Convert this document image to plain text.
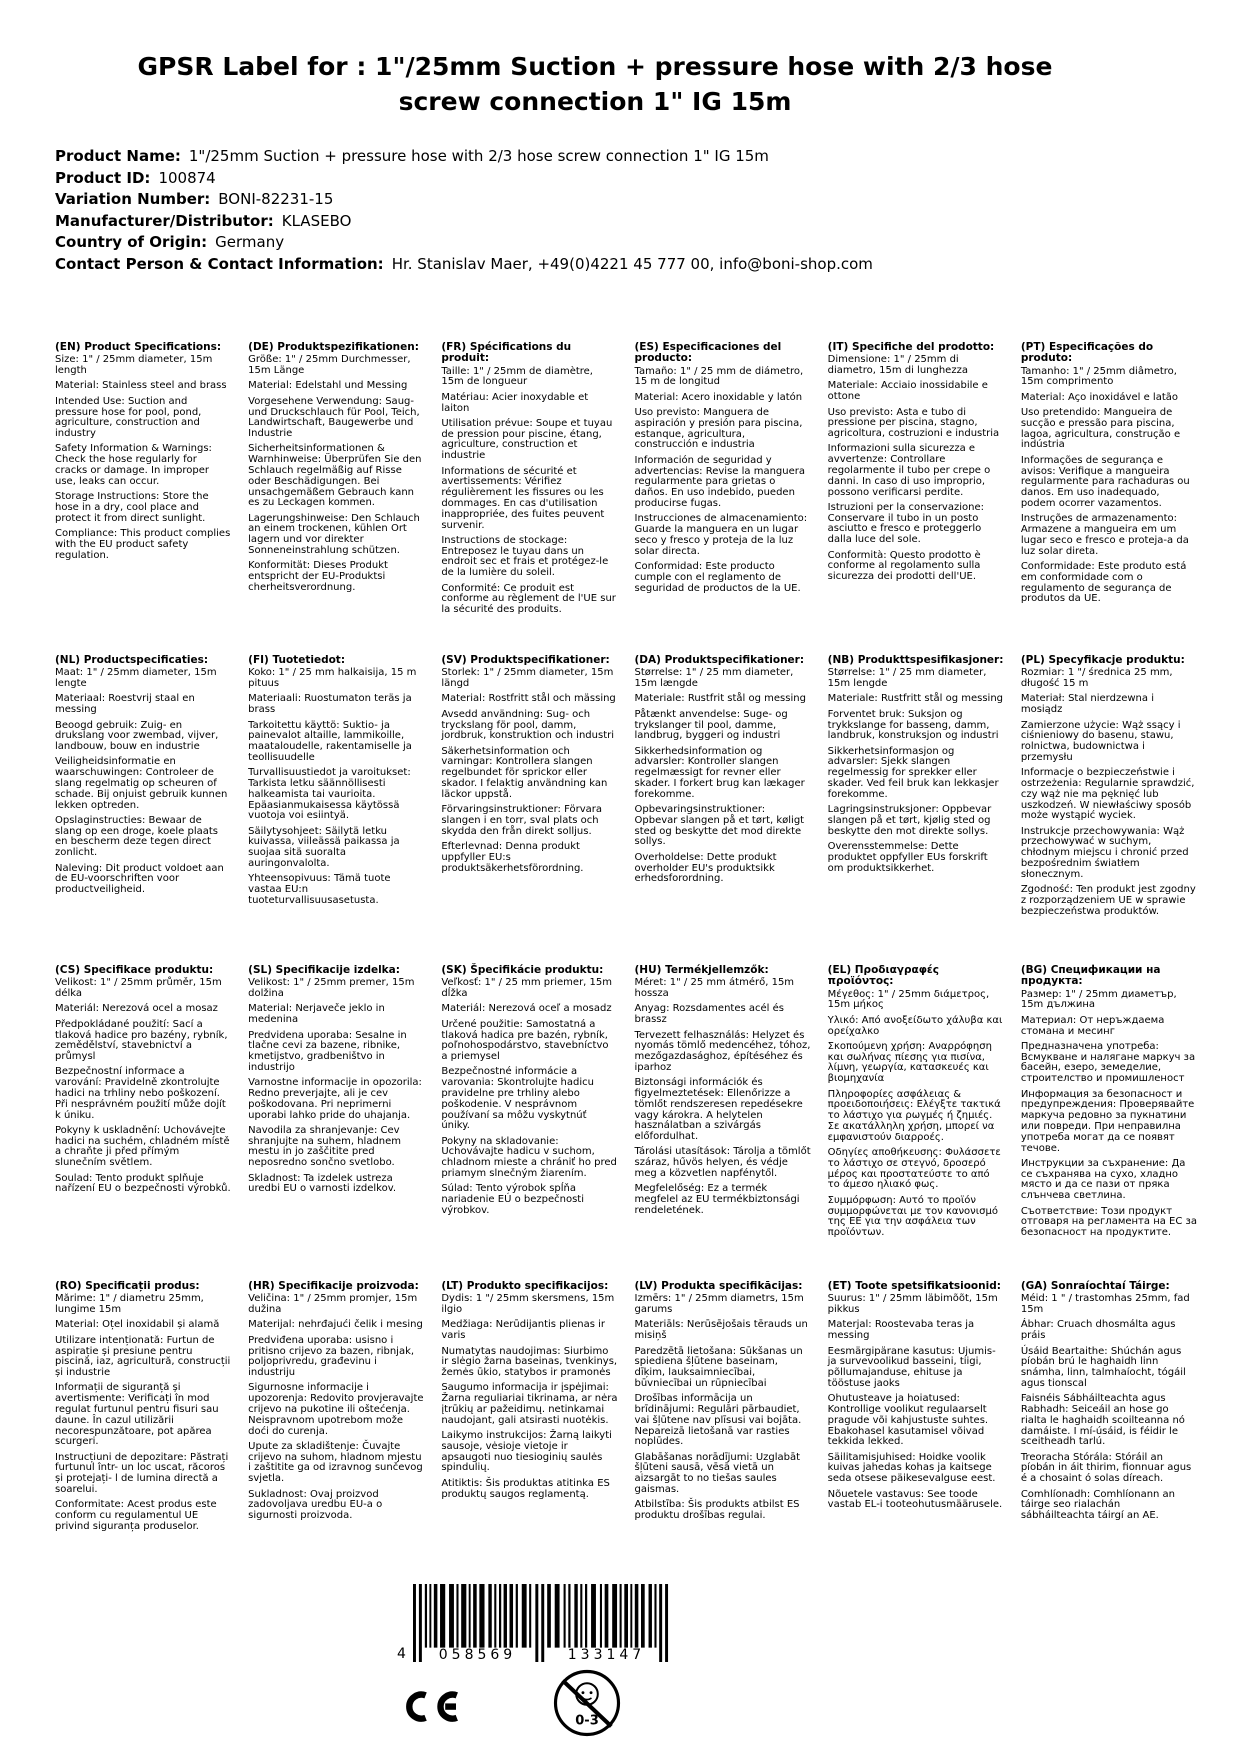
GPSR Label for : 1"/25mm Suction + pressure hose with 2/3 hose
screw connection 1" IG 15m
Product Name: 1"/25mm Suction + pressure hose with 2/3 hose screw connection 1" IG 15m
Product ID: 100874
Variation Number: BONI-82231-15
Manufacturer/Distributor: KLASEBO
Country of Origin: Germany
Contact Person & Contact Information: Hr. Stanislav Maer, +49(0)4221 45 777 00, info@boni-shop.com
(EN) Product Specifications:

Size: 1" / 25mm diameter, 15m length

Material: Stainless steel and brass

Intended Use: Suction and pressure hose for pool, pond, agriculture, construction and industry

Safety Information & Warnings: Check the hose regularly for cracks or damage. In improper use, leaks can occur.

Storage Instructions: Store the hose in a dry, cool place and protect it from direct sunlight.

Compliance: This product complies with the EU product safety regulation.

(DE) Produktspezifikationen:

Größe: 1" / 25mm Durchmesser, 15m Länge

Material: Edelstahl und Messing

Vorgesehene Verwendung: Saug- und Druckschlauch für Pool, Teich, Landwirtschaft, Baugewerbe und Industrie

Sicherheitsinformationen & Warnhinweise: Überprüfen Sie den Schlauch regelmäßig auf Risse oder Beschädigungen. Bei unsachgemäßem Gebrauch kann es zu Leckagen kommen.

Lagerungshinweise: Den Schlauch an einem trockenen, kühlen Ort lagern und vor direkter Sonneneinstrahlung schützen.

Konformität: Dieses Produkt entspricht der EU-Produktsi cherheitsverordnung.

(FR) Spécifications du produit:

Taille: 1" / 25mm de diamètre, 15m de longueur

Matériau: Acier inoxydable et laiton

Utilisation prévue: Soupe et tuyau de pression pour piscine, étang, agriculture, construction et industrie

Informations de sécurité et avertissements: Vérifiez régulièrement les fissures ou les dommages. En cas d'utilisation inappropriée, des fuites peuvent survenir.

Instructions de stockage: Entreposez le tuyau dans un endroit sec et frais et protégez-le de la lumière du soleil.

Conformité: Ce produit est conforme au règlement de l'UE sur la sécurité des produits.

(ES) Especificaciones del producto:

Tamaño: 1" / 25 mm de diámetro, 15 m de longitud

Material: Acero inoxidable y latón

Uso previsto: Manguera de aspiración y presión para piscina, estanque, agricultura, construcción e industria

Información de seguridad y advertencias: Revise la manguera regularmente para grietas o daños. En uso indebido, pueden producirse fugas.

Instrucciones de almacenamiento: Guarde la manguera en un lugar seco y fresco y proteja de la luz solar directa.

Conformidad: Este producto cumple con el reglamento de seguridad de productos de la UE.

(IT) Specifiche del prodotto:

Dimensione: 1" / 25mm di diametro, 15m di lunghezza

Materiale: Acciaio inossidabile e ottone

Uso previsto: Asta e tubo di pressione per piscina, stagno, agricoltura, costruzioni e industria

Informazioni sulla sicurezza e avvertenze: Controllare regolarmente il tubo per crepe o danni. In caso di uso improprio, possono verificarsi perdite.

Istruzioni per la conservazione: Conservare il tubo in un posto asciutto e fresco e proteggerlo dalla luce del sole.

Conformità: Questo prodotto è conforme al regolamento sulla sicurezza dei prodotti dell'UE.

(PT) Especificações do produto:

Tamanho: 1" / 25mm diâmetro, 15m comprimento

Material: Aço inoxidável e latão

Uso pretendido: Mangueira de sucção e pressão para piscina, lagoa, agricultura, construção e indústria

Informações de segurança e avisos: Verifique a mangueira regularmente para rachaduras ou danos. Em uso inadequado, podem ocorrer vazamentos.

Instruções de armazenamento: Armazene a mangueira em um lugar seco e fresco e proteja-a da luz solar direta.

Conformidade: Este produto está em conformidade com o regulamento de segurança de produtos da UE.

(NL) Productspecificaties:

Maat: 1" / 25mm diameter, 15m lengte

Materiaal: Roestvrij staal en messing

Beoogd gebruik: Zuig- en drukslang voor zwembad, vijver, landbouw, bouw en industrie

Veiligheidsinformatie en waarschuwingen: Controleer de slang regelmatig op scheuren of schade. Bij onjuist gebruik kunnen lekken optreden.

Opslaginstructies: Bewaar de slang op een droge, koele plaats en bescherm deze tegen direct zonlicht.

Naleving: Dit product voldoet aan de EU-voorschriften voor productveiligheid.

(FI) Tuotetiedot:

Koko: 1" / 25 mm halkaisija, 15 m pituus

Materiaali: Ruostumaton teräs ja brass

Tarkoitettu käyttö: Suktio- ja painevalot altaille, lammikoille, maataloudelle, rakentamiselle ja teollisuudelle

Turvallisuustiedot ja varoitukset: Tarkista letku säännöllisesti halkeamista tai vaurioita. Epäasianmukaisessa käytössä vuotoja voi esiintyä.

Säilytysohjeet: Säilytä letku kuivassa, viileässä paikassa ja suojaa sitä suoralta auringonvalolta.

Yhteensopivuus: Tämä tuote vastaa EU:n tuoteturvallisuusasetusta.

(SV) Produktspecifikationer:

Storlek: 1" / 25mm diameter, 15m längd

Material: Rostfritt stål och mässing

Avsedd användning: Sug- och tryckslang för pool, damm, jordbruk, konstruktion och industri

Säkerhetsinformation och varningar: Kontrollera slangen regelbundet för sprickor eller skador. I felaktig användning kan läckor uppstå.

Förvaringsinstruktioner: Förvara slangen i en torr, sval plats och skydda den från direkt solljus.

Efterlevnad: Denna produkt uppfyller EU:s produktsäkerhetsförordning.

(DA) Produktspecifikationer:

Størrelse: 1" / 25 mm diameter, 15m længde

Materiale: Rustfrit stål og messing

Påtænkt anvendelse: Suge- og trykslanger til pool, damme, landbrug, byggeri og industri

Sikkerhedsinformation og advarsler: Kontroller slangen regelmæssigt for revner eller skader. I forkert brug kan lækager forekomme.

Opbevaringsinstruktioner: Opbevar slangen på et tørt, køligt sted og beskytte det mod direkte sollys.

Overholdelse: Dette produkt overholder EU's produktsikk erhedsforordning.

(NB) Produkttspesifikasjoner:

Størrelse: 1" / 25 mm diameter, 15m lengde

Materiale: Rustfritt stål og messing

Forventet bruk: Suksjon og trykkslange for basseng, damm, landbruk, konstruksjon og industri

Sikkerhetsinformasjon og advarsler: Sjekk slangen regelmessig for sprekker eller skader. Ved feil bruk kan lekkasjer forekomme.

Lagringsinstruksjoner: Oppbevar slangen på et tørt, kjølig sted og beskytte den mot direkte sollys.

Overensstemmelse: Dette produktet oppfyller EUs forskrift om produktsikkerhet.

(PL) Specyfikacje produktu:

Rozmiar: 1 "/ średnica 25 mm, długość 15 m

Materiał: Stal nierdzewna i mosiądz

Zamierzone użycie: Wąż ssący i ciśnieniowy do basenu, stawu, rolnictwa, budownictwa i przemysłu

Informacje o bezpieczeństwie i ostrzeżenia: Regularnie sprawdzić, czy wąż nie ma pęknięć lub uszkodzeń. W niewłaściwy sposób może wystąpić wyciek.

Instrukcje przechowywania: Wąż przechowywać w suchym, chłodnym miejscu i chronić przed bezpośrednim światłem słonecznym.

Zgodność: Ten produkt jest zgodny z rozporządzeniem UE w sprawie bezpieczeństwa produktów.

(CS) Specifikace produktu:

Velikost: 1" / 25mm průměr, 15m délka

Materiál: Nerezová ocel a mosaz

Předpokládané použití: Sací a tlaková hadice pro bazény, rybník, zemědělství, stavebnictví a průmysl

Bezpečnostní informace a varování: Pravidelně zkontrolujte hadici na trhliny nebo poškození. Při nesprávném použití může dojít k úniku.

Pokyny k uskladnění: Uchovávejte hadici na suchém, chladném místě a chraňte ji před přímým slunečním světlem.

Soulad: Tento produkt splňuje nařízení EU o bezpečnosti výrobků.

(SL) Specifikacije izdelka:

Velikost: 1" / 25mm premer, 15m dolžina

Material: Nerjaveče jeklo in medenina

Predvidena uporaba: Sesalne in tlačne cevi za bazene, ribnike, kmetijstvo, gradbeništvo in industrijo

Varnostne informacije in opozorila: Redno preverjajte, ali je cev poškodovana. Pri neprimerni uporabi lahko pride do uhajanja.

Navodila za shranjevanje: Cev shranjujte na suhem, hladnem mestu in jo zaščitite pred neposredno sončno svetlobo.

Skladnost: Ta izdelek ustreza uredbi EU o varnosti izdelkov.

(SK) Špecifikácie produktu:

Veľkosť: 1" / 25 mm priemer, 15m dĺžka

Materiál: Nerezová oceľ a mosadz

Určené použitie: Samostatná a tlaková hadica pre bazén, rybník, poľnohospodárstvo, stavebníctvo a priemysel

Bezpečnostné informácie a varovania: Skontrolujte hadicu pravidelne pre trhliny alebo poškodenie. V nesprávnom používaní sa môžu vyskytnúť úniky.

Pokyny na skladovanie: Uchovávajte hadicu v suchom, chladnom mieste a chrániť ho pred priamym slnečným žiarením.

Súlad: Tento výrobok spĺňa nariadenie EÚ o bezpečnosti výrobkov.

(HU) Termékjellemzők:

Méret: 1" / 25 mm átmérő, 15m hossza

Anyag: Rozsdamentes acél és brassz

Tervezett felhasználás: Helyzet és nyomás tömlő medencéhez, tóhoz, mezőgazdasághoz, építéséhez és iparhoz

Biztonsági információk és figyelmeztetések: Ellenőrizze a tömlőt rendszeresen repedésekre vagy károkra. A helytelen használatban a szivárgás előfordulhat.

Tárolási utasítások: Tárolja a tömlőt száraz, hűvös helyen, és védje meg a közvetlen napfénytől.

Megfelelőség: Ez a termék megfelel az EU termékbiztonsági rendeletének.

(EL) Προδιαγραφές προϊόντος:

Μέγεθος: 1" / 25mm διάμετρος, 15m μήκος

Υλικό: Από ανοξείδωτο χάλυβα και ορείχαλκο

Σκοπούμενη χρήση: Αναρρόφηση και σωλήνας πίεσης για πισίνα, λίμνη, γεωργία, κατασκευές και βιομηχανία

Πληροφορίες ασφάλειας & προειδοποιήσεις: Ελέγξτε τακτικά το λάστιχο για ρωγμές ή ζημιές. Σε ακατάλληλη χρήση, μπορεί να εμφανιστούν διαρροές.

Οδηγίες αποθήκευσης: Φυλάσσετε το λάστιχο σε στεγνό, δροσερό μέρος και προστατεύστε το από το άμεσο ηλιακό φως.

Συμμόρφωση: Αυτό το προϊόν συμμορφώνεται με τον κανονισμό της ΕΕ για την ασφάλεια των προϊόντων.

(BG) Спецификации на продукта:

Размер: 1" / 25mm диаметър, 15m дължина

Материал: От неръждаема стомана и месинг

Предназначена употреба: Всмукване и налягане маркуч за басейн, езеро, земеделие, строителство и промишленост

Информация за безопасност и предупреждения: Проверявайте маркуча редовно за пукнатини или повреди. При неправилна употреба могат да се появят течове.

Инструкции за съхранение: Да се съхранява на сухо, хладно място и да се пази от пряка слънчева светлина.

Съответствие: Този продукт отговаря на регламента на ЕС за безопасност на продуктите.

(RO) Specificații produs:

Mărime: 1" / diametru 25mm, lungime 15m

Material: Oțel inoxidabil și alamă

Utilizare intenționată: Furtun de aspirație și presiune pentru piscină, iaz, agricultură, construcții și industrie

Informații de siguranță și avertismente: Verificați în mod regulat furtunul pentru fisuri sau daune. În cazul utilizării necorespunzătoare, pot apărea scurgeri.

Instrucțiuni de depozitare: Păstrați furtunul într- un loc uscat, răcoros și protejați- l de lumina directă a soarelui.

Conformitate: Acest produs este conform cu regulamentul UE privind siguranța produselor.

(HR) Specifikacije proizvoda:

Veličina: 1" / 25mm promjer, 15m dužina

Materijal: nehrđajući čelik i mesing

Predviđena uporaba: usisno i pritisno crijevo za bazen, ribnjak, poljoprivredu, građevinu i industriju

Sigurnosne informacije i upozorenja: Redovito provjeravajte crijevo na pukotine ili oštećenja. Neispravnom upotrebom može doći do curenja.

Upute za skladištenje: Čuvajte crijevo na suhom, hladnom mjestu i zaštitite ga od izravnog sunčevog svjetla.

Sukladnost: Ovaj proizvod zadovoljava uredbu EU-a o sigurnosti proizvoda.

(LT) Produkto specifikacijos:

Dydis: 1 "/ 25mm skersmens, 15m ilgio

Medžiaga: Nerūdijantis plienas ir varis

Numatytas naudojimas: Siurbimo ir slėgio žarna baseinas, tvenkinys, žemės ūkio, statybos ir pramonės

Saugumo informacija ir įspėjimai: Žarna reguliariai tikrinama, ar nėra įtrūkių ar pažeidimų. netinkamai naudojant, gali atsirasti nuotėkis.

Laikymo instrukcijos: Žarną laikyti sausoje, vėsioje vietoje ir apsaugoti nuo tiesioginių saulės spindulių.

Atitiktis: Šis produktas atitinka ES produktų saugos reglamentą.

(LV) Produkta specifikācijas:

Izmērs: 1" / 25mm diametrs, 15m garums

Materiāls: Nerūsējošais tērauds un misiņš

Paredzētā lietošana: Sūkšanas un spiediena šļūtene baseinam, dīķim, lauksaimniecībai, būvniecībai un rūpniecībai

Drošības informācija un brīdinājumi: Regulāri pārbaudiet, vai šļūtene nav plīsusi vai bojāta. Nepareizā lietošanā var rasties noplūdes.

Glabāšanas norādījumi: Uzglabāt šļūteni sausā, vēsā vietā un aizsargāt to no tiešas saules gaismas.

Atbilstība: Šis produkts atbilst ES produktu drošības regulai.

(ET) Toote spetsifikatsioonid:

Suurus: 1" / 25mm läbimõõt, 15m pikkus

Materjal: Roostevaba teras ja messing

Eesmärgipärane kasutus: Ujumis- ja survevoolikud basseini, tiigi, põllumajanduse, ehituse ja tööstuse jaoks

Ohutusteave ja hoiatused: Kontrollige voolikut regulaarselt pragude või kahjustuste suhtes. Ebakohasel kasutamisel võivad tekkida lekked.

Säilitamisjuhised: Hoidke voolik kuivas jahedas kohas ja kaitsege seda otsese päikesevalguse eest.

Nõuetele vastavus: See toode vastab EL-i tooteohutusmäärusele.

(GA) Sonraíochtaí Táirge:

Méid: 1 " / trastomhas 25mm, fad 15m

Ábhar: Cruach dhosmálta agus práis

Úsáid Beartaithe: Shúchán agus píobán brú le haghaidh linn snámha, linn, talmhaíocht, tógáil agus tionscal

Faisnéis Sábháilteachta agus Rabhadh: Seiceáil an hose go rialta le haghaidh scoilteanna nó damáiste. I mí-úsáid, is féidir le sceitheadh tarlú.

Treoracha Stórála: Stóráil an píobán in áit thirim, fionnuar agus é a chosaint ó solas díreach.

Comhlíonadh: Comhlíonann an táirge seo rialachán sábháilteachta táirgí an AE.

4	058569	133147
0-3
